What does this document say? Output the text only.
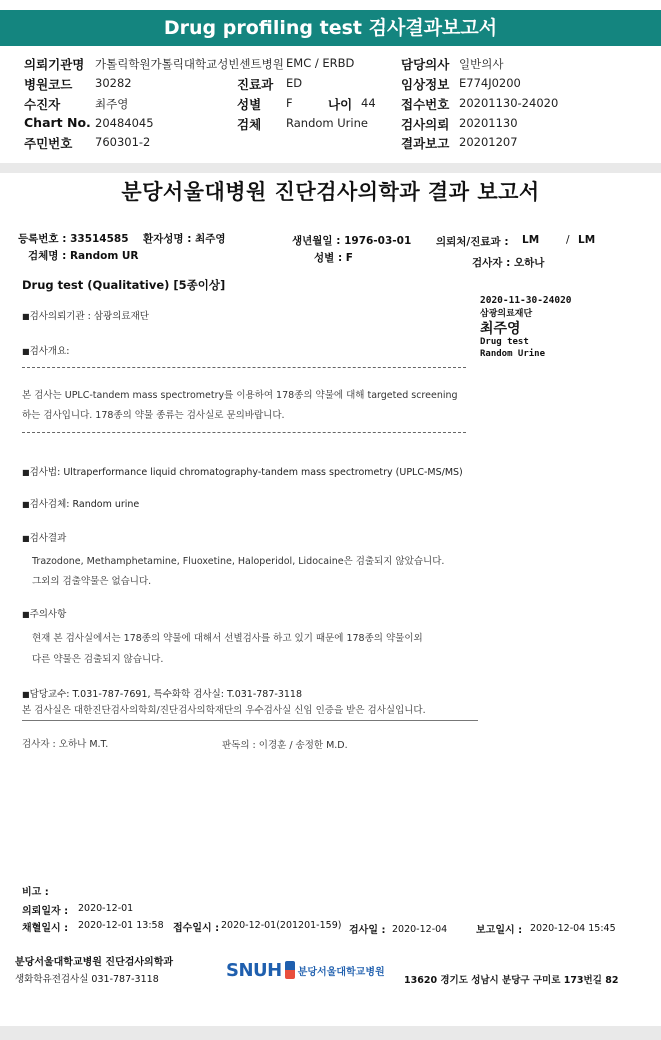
Drug profiling test 검사결과보고서
의뢰기관명 가톨릭학원가톨릭대학교성빈센트병원 EMC / ERBD	담당의사 일반의사
병원코드 30282	진료과 ED	임상정보 E774J0200
수진자	최주영	성별 F	나이 44 접수번호 20201130-24020
Chart No. 20484045	검체 Random Urine	검사의뢰 20201130
주민번호 760301-2	결과보고 20201207
분당서울대병원 진단검사의학과 결과 보고서
등록번호 : 33514585 환자성명 : 최주영	생년월일 : 1976-03-01 의뢰처/진료과 : LM	/ LM
검체명 : Random UR	성별 : F	검사자 : 오하나
Drug test (Qualitative) [5종이상]
2020-11-30-24020
삼광의료재단
최주영
Drug test
Random Urine
■검사의뢰기관 : 삼광의료재단
■검사개요:
본 검사는 UPLC-tandem mass spectrometry를 이용하여 178종의 약물에 대해 targeted screening
하는 검사입니다. 178종의 약물 종류는 검사실로 문의바랍니다.
■검사법: Ultraperformance liquid chromatography-tandem mass spectrometry (UPLC-MS/MS)
■검사검체: Random urine
■검사결과
Trazodone, Methamphetamine, Fluoxetine, Haloperidol, Lidocaine은 검출되지 않았습니다.
그외의 검출약물은 없습니다.
■주의사항
현재 본 검사실에서는 178종의 약물에 대해서 선별검사를 하고 있기 때문에 178종의 약물이외
다른 약물은 검출되지 않습니다.
■담당교수: T.031-787-7691, 특수화학 검사실: T.031-787-3118
본 검사실은 대한진단검사의학회/진단검사의학재단의 우수검사실 신임 인증을 받은 검사실입니다.
검사자 : 오하나 M.T.	판독의 : 이경훈 / 송정한 M.D.
비고 :
의뢰일자 : 2020-12-01
채혈일시 : 2020-12-01 13:58 접수일시 : 2020-12-01(201201-159) 검사일 : 2020-12-04	보고일시 : 2020-12-04 15:45
분당서울대학교병원 진단검사의학과
생화학유전검사실 031-787-3118	SNUH 분당서울대학교병원
13620 경기도 성남시 분당구 구미로 173번길 82
